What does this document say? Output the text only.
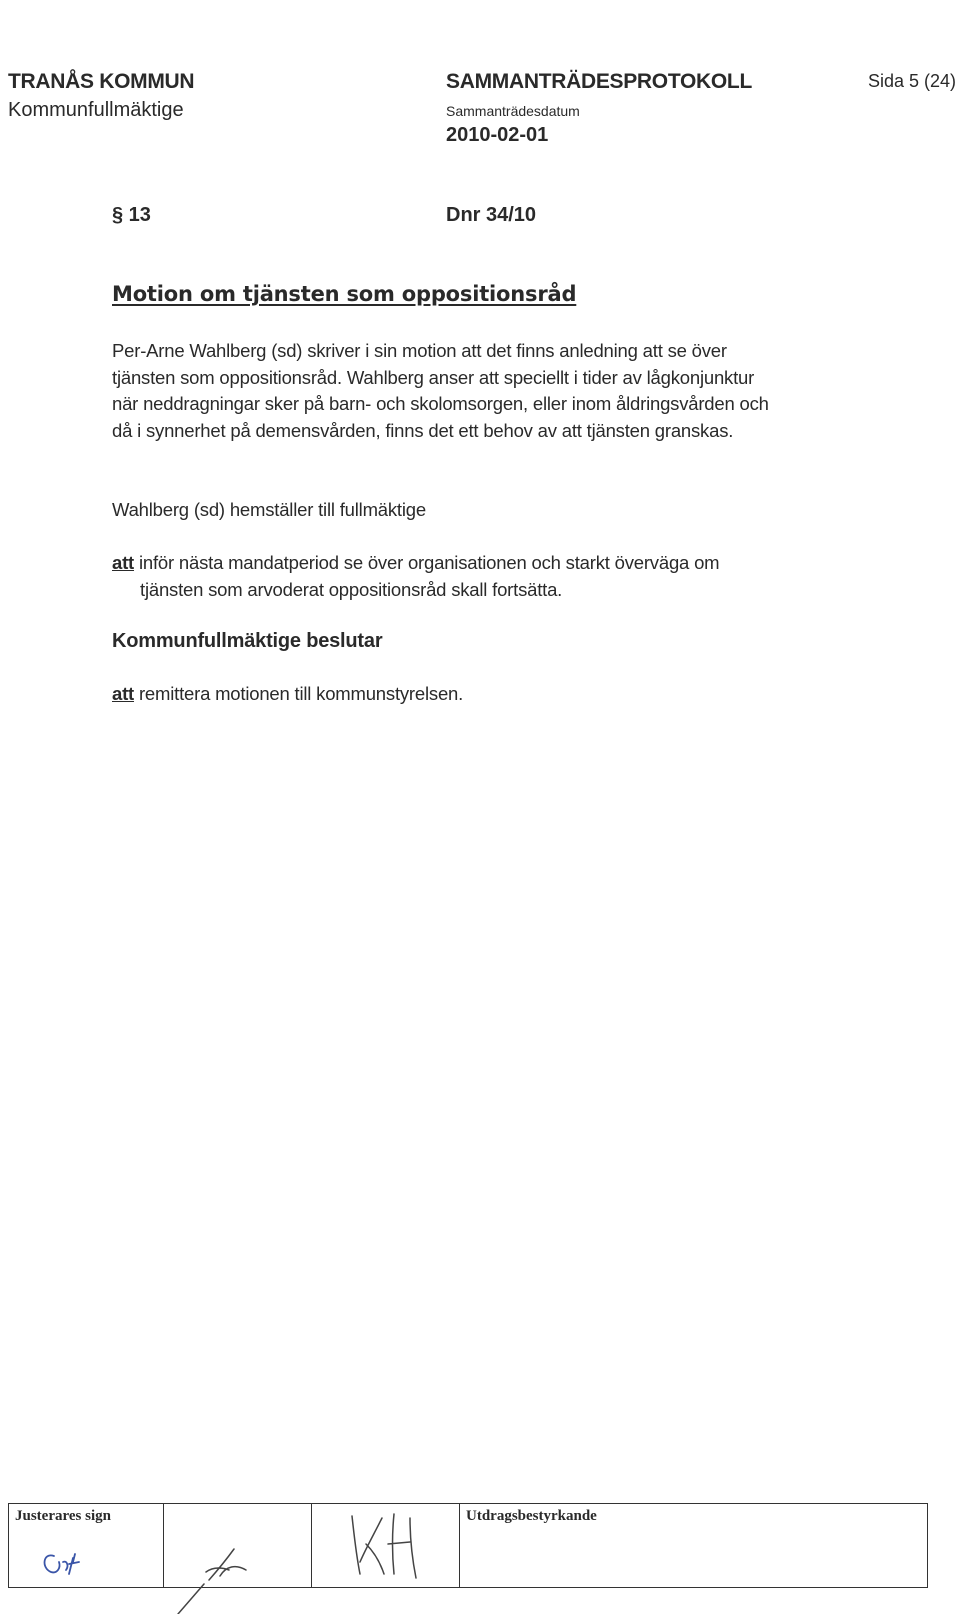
TRANÅS KOMMUN
Kommunfullmäktige
SAMMANTRÄDESPROTOKOLL
Sammanträdesdatum
2010-02-01
Sida 5 (24)
§ 13	Dnr 34/10
Motion om tjänsten som oppositionsråd

Per-Arne Wahlberg (sd) skriver i sin motion att det finns anledning att se över tjänsten som oppositionsråd. Wahlberg anser att speciellt i tider av lågkonjunktur när neddragningar sker på barn- och skolomsorgen, eller inom åldringsvården och då i synnerhet på demensvården, finns det ett behov av att tjänsten granskas.

Wahlberg (sd) hemställer till fullmäktige
att inför nästa mandatperiod se över organisationen och starkt överväga om
tjänsten som arvoderat oppositionsråd skall fortsätta.
Kommunfullmäktige beslutar
att remittera motionen till kommunstyrelsen.
Justerares sign	Utdragsbestyrkande
